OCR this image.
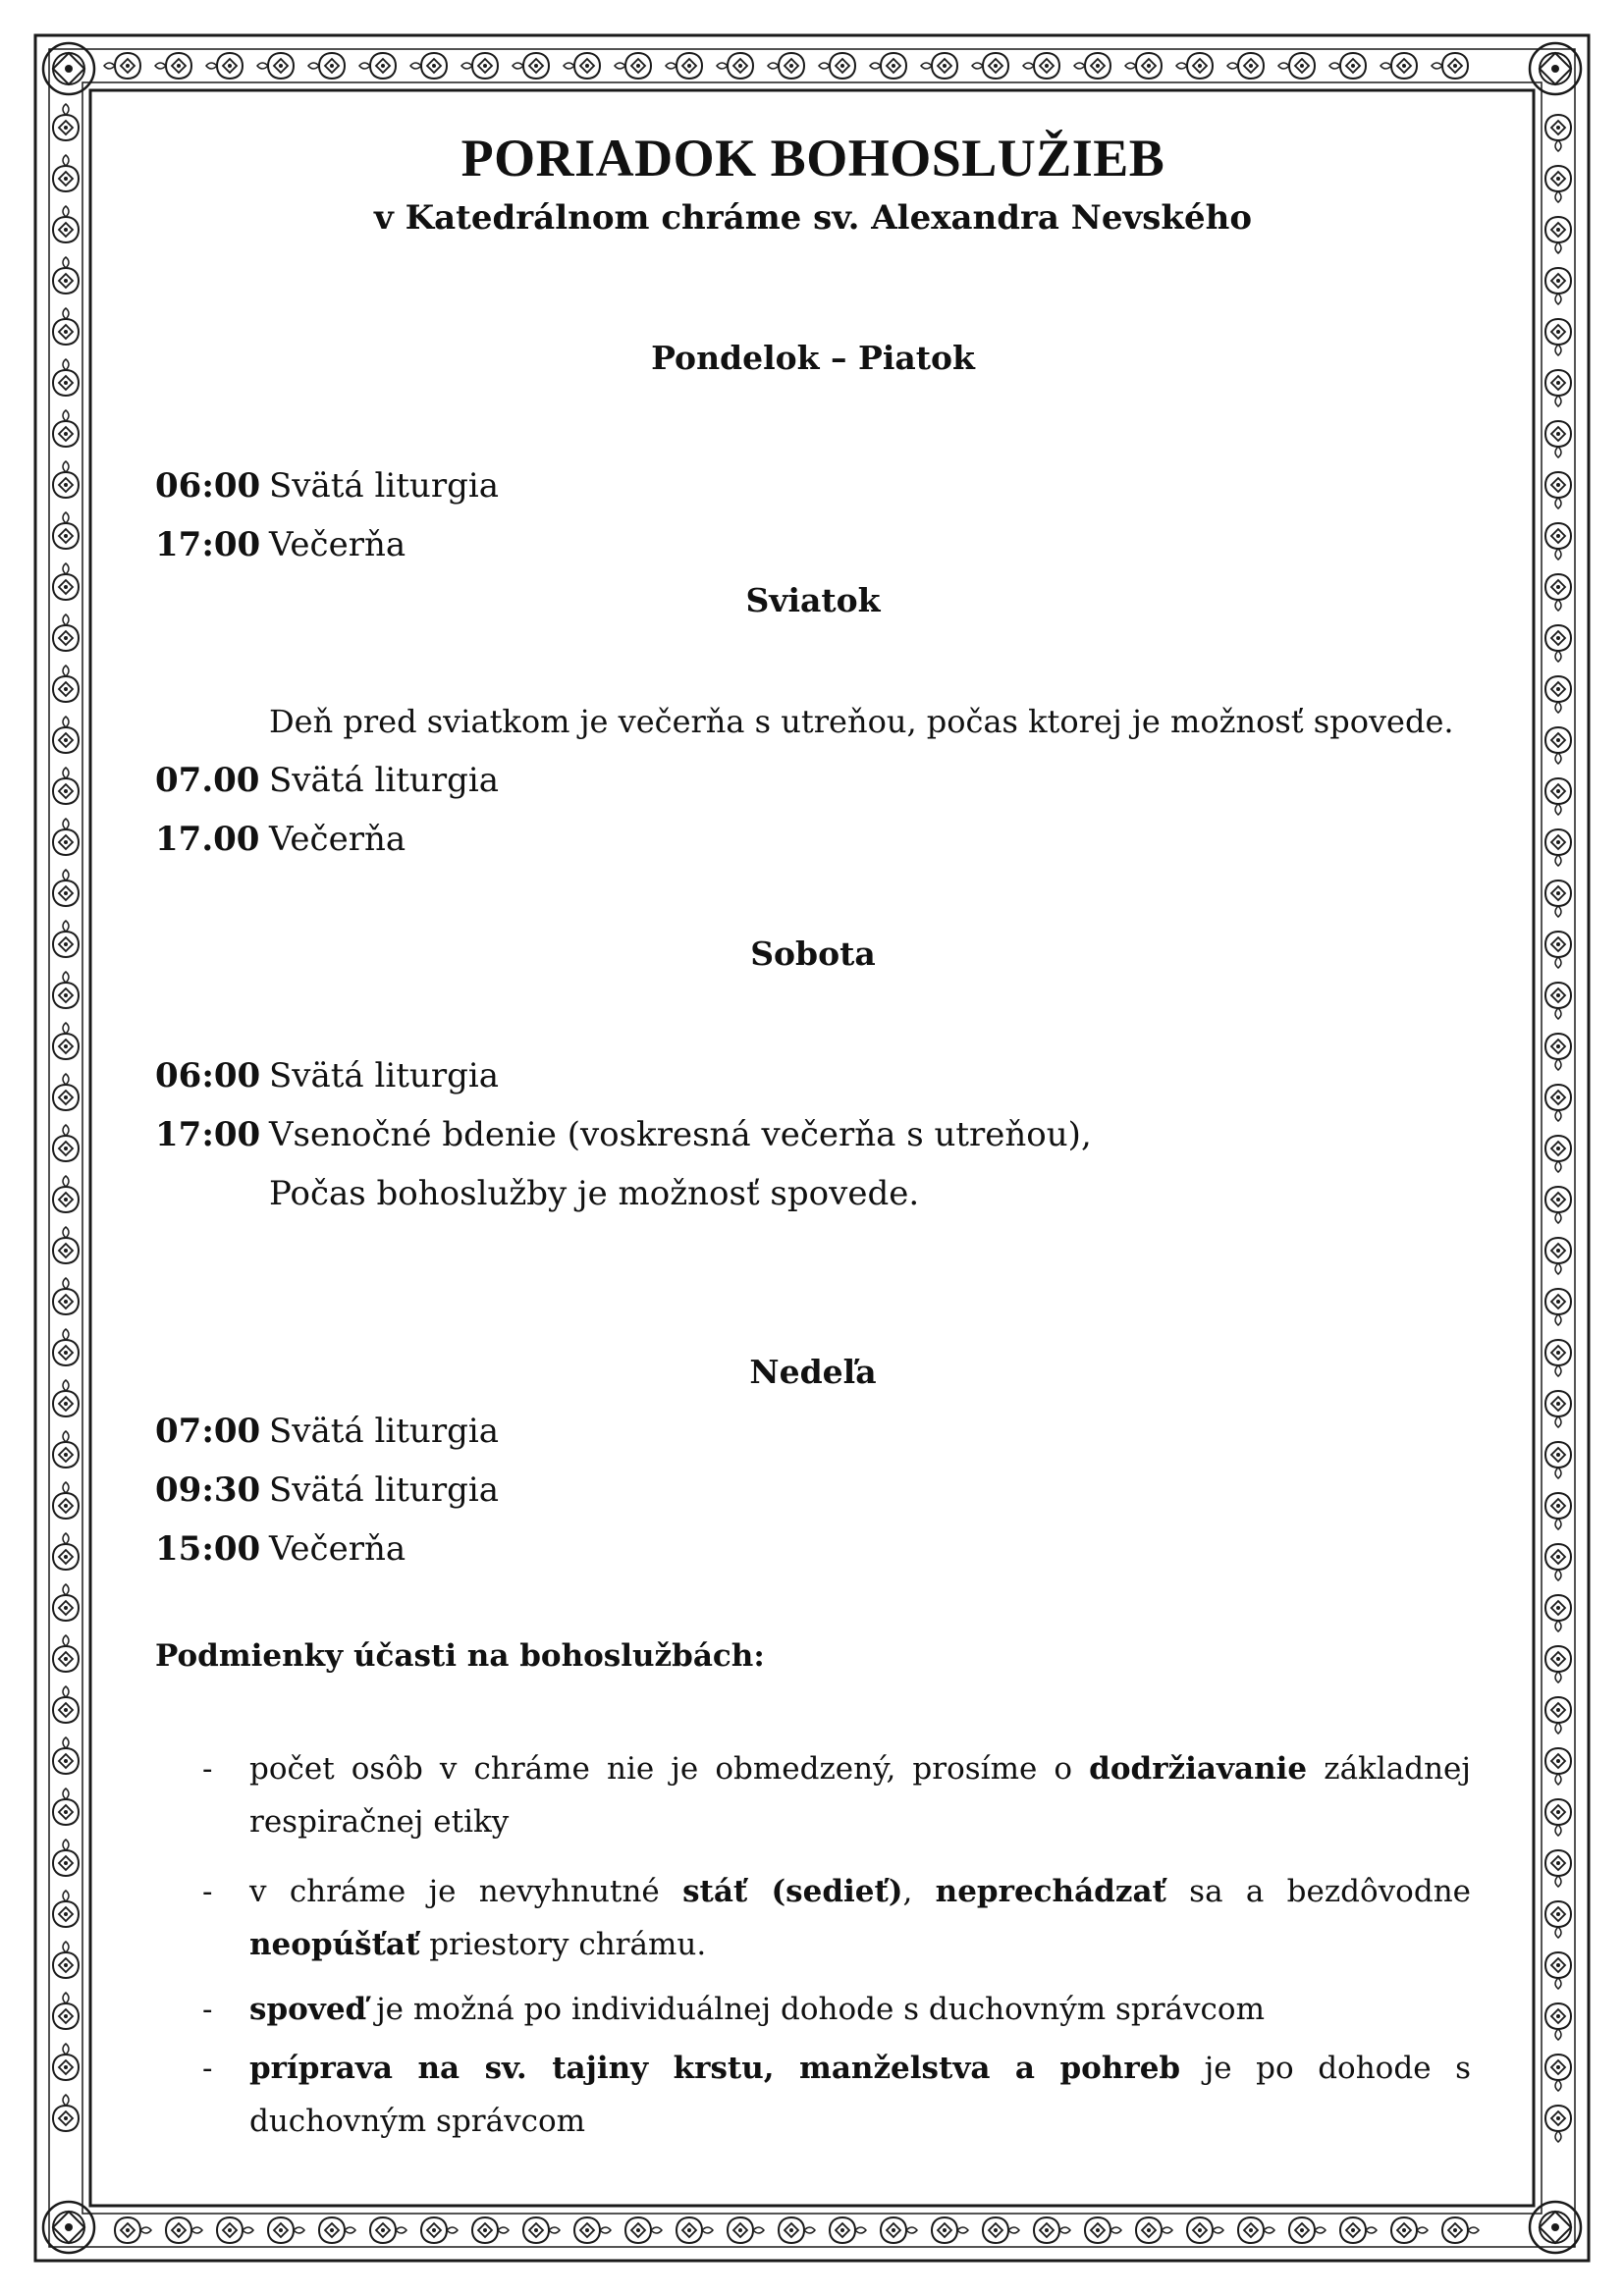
PORIADOK BOHOSLUŽIEB
v Katedrálnom chráme sv. Alexandra Nevského
Pondelok – Piatok
06:00 Svätá liturgia
17:00 Večerňa
Sviatok
Deň pred sviatkom je večerňa s utreňou, počas ktorej je možnosť spovede.
07.00 Svätá liturgia
17.00 Večerňa
Sobota
06:00 Svätá liturgia
17:00 Vsenočné bdenie (voskresná večerňa s utreňou),
Počas bohoslužby je možnosť spovede.
Nedeľa
07:00 Svätá liturgia
09:30 Svätá liturgia
15:00 Večerňa
Podmienky účasti na bohoslužbách:
- počet osôb v chráme nie je obmedzený, prosíme o dodržiavanie základnej respiračnej etiky
- v chráme je nevyhnutné stáť (sedieť), neprechádzať sa a bezdôvodne neopúšťať priestory chrámu.
- spoveď je možná po individuálnej dohode s duchovným správcom
- príprava na sv. tajiny krstu, manželstva a pohreb je po dohode s duchovným správcom
